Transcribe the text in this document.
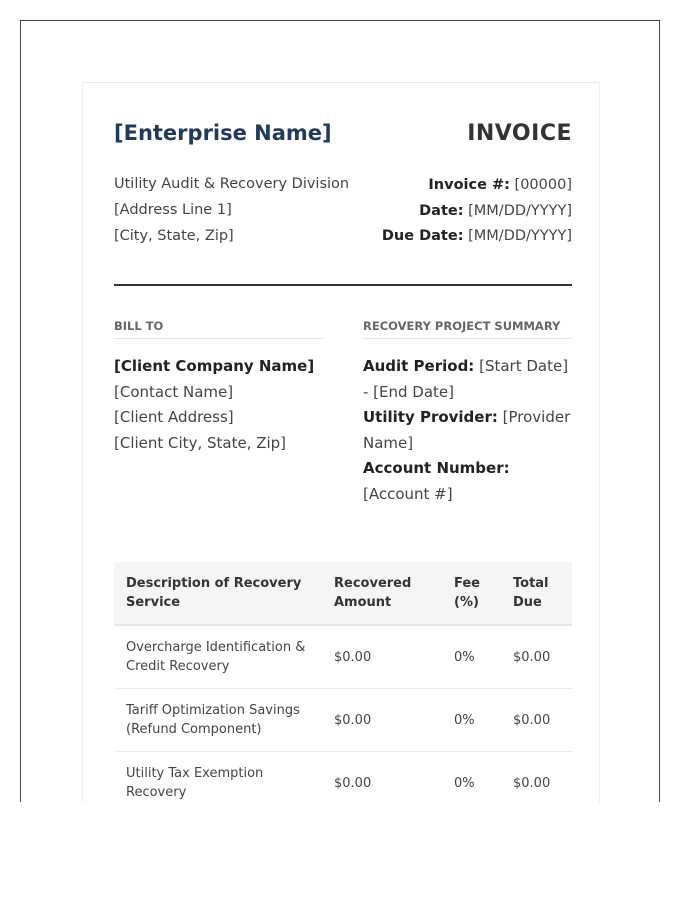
[Enterprise Name]	INVOICE
Utility Audit & Recovery Division
[Address Line 1]
[City, State, Zip]
Invoice #: [00000]
Date: [MM/DD/YYYY]
Due Date: [MM/DD/YYYY]
BILL TO	RECOVERY PROJECT SUMMARY
[Client Company Name]
[Contact Name]
[Client Address]
[Client City, State, Zip]
Audit Period: [Start Date] - [End Date]
Utility Provider: [Provider Name]
Account Number: [Account #]
Description of Recovery Service	Recovered Amount	Fee (%)	Total Due
Overcharge Identification & Credit Recovery	$0.00	0%	$0.00
Tariff Optimization Savings (Refund Component)	$0.00	0%	$0.00
Utility Tax Exemption Recovery	$0.00	0%	$0.00
